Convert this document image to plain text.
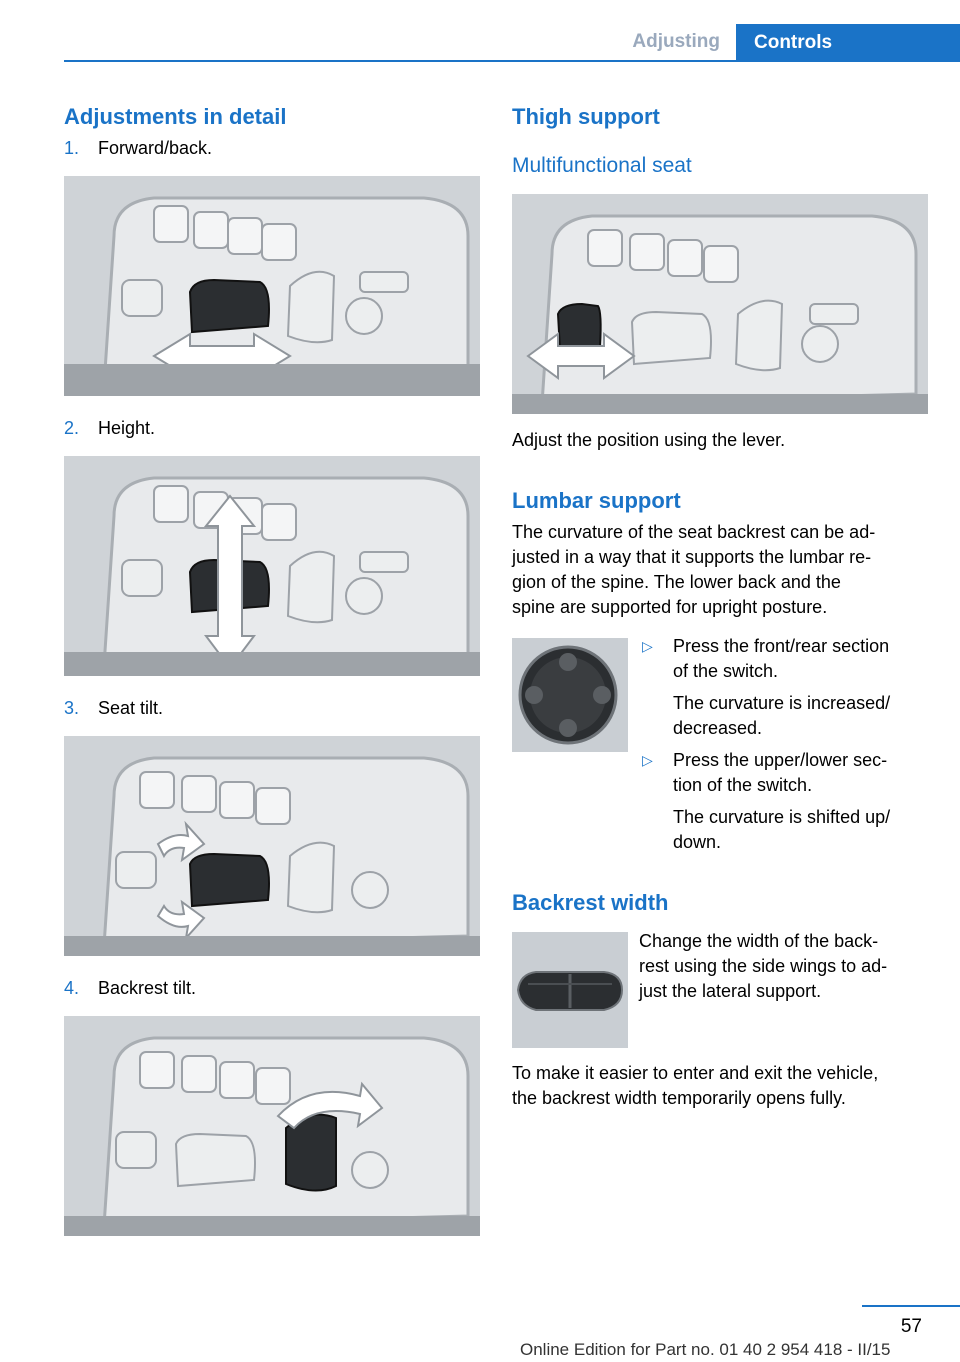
Adjusting	Controls
Adjustments in detail
1. Forward/back.
2. Height.
3. Seat tilt.
4. Backrest tilt.
Thigh support
Multifunctional seat
Adjust the position using the lever.
Lumbar support
The curvature of the seat backrest can be ad‐
justed in a way that it supports the lumbar re‐
gion of the spine. The lower back and the
spine are supported for upright posture.
▷ Press the front/rear section
of the switch.
The curvature is increased/
decreased.
▷ Press the upper/lower sec‐
tion of the switch.
The curvature is shifted up/
down.
Backrest width
Change the width of the back‐
rest using the side wings to ad‐
just the lateral support.
To make it easier to enter and exit the vehicle,
the backrest width temporarily opens fully.
57
Online Edition for Part no. 01 40 2 954 418 - II/15
